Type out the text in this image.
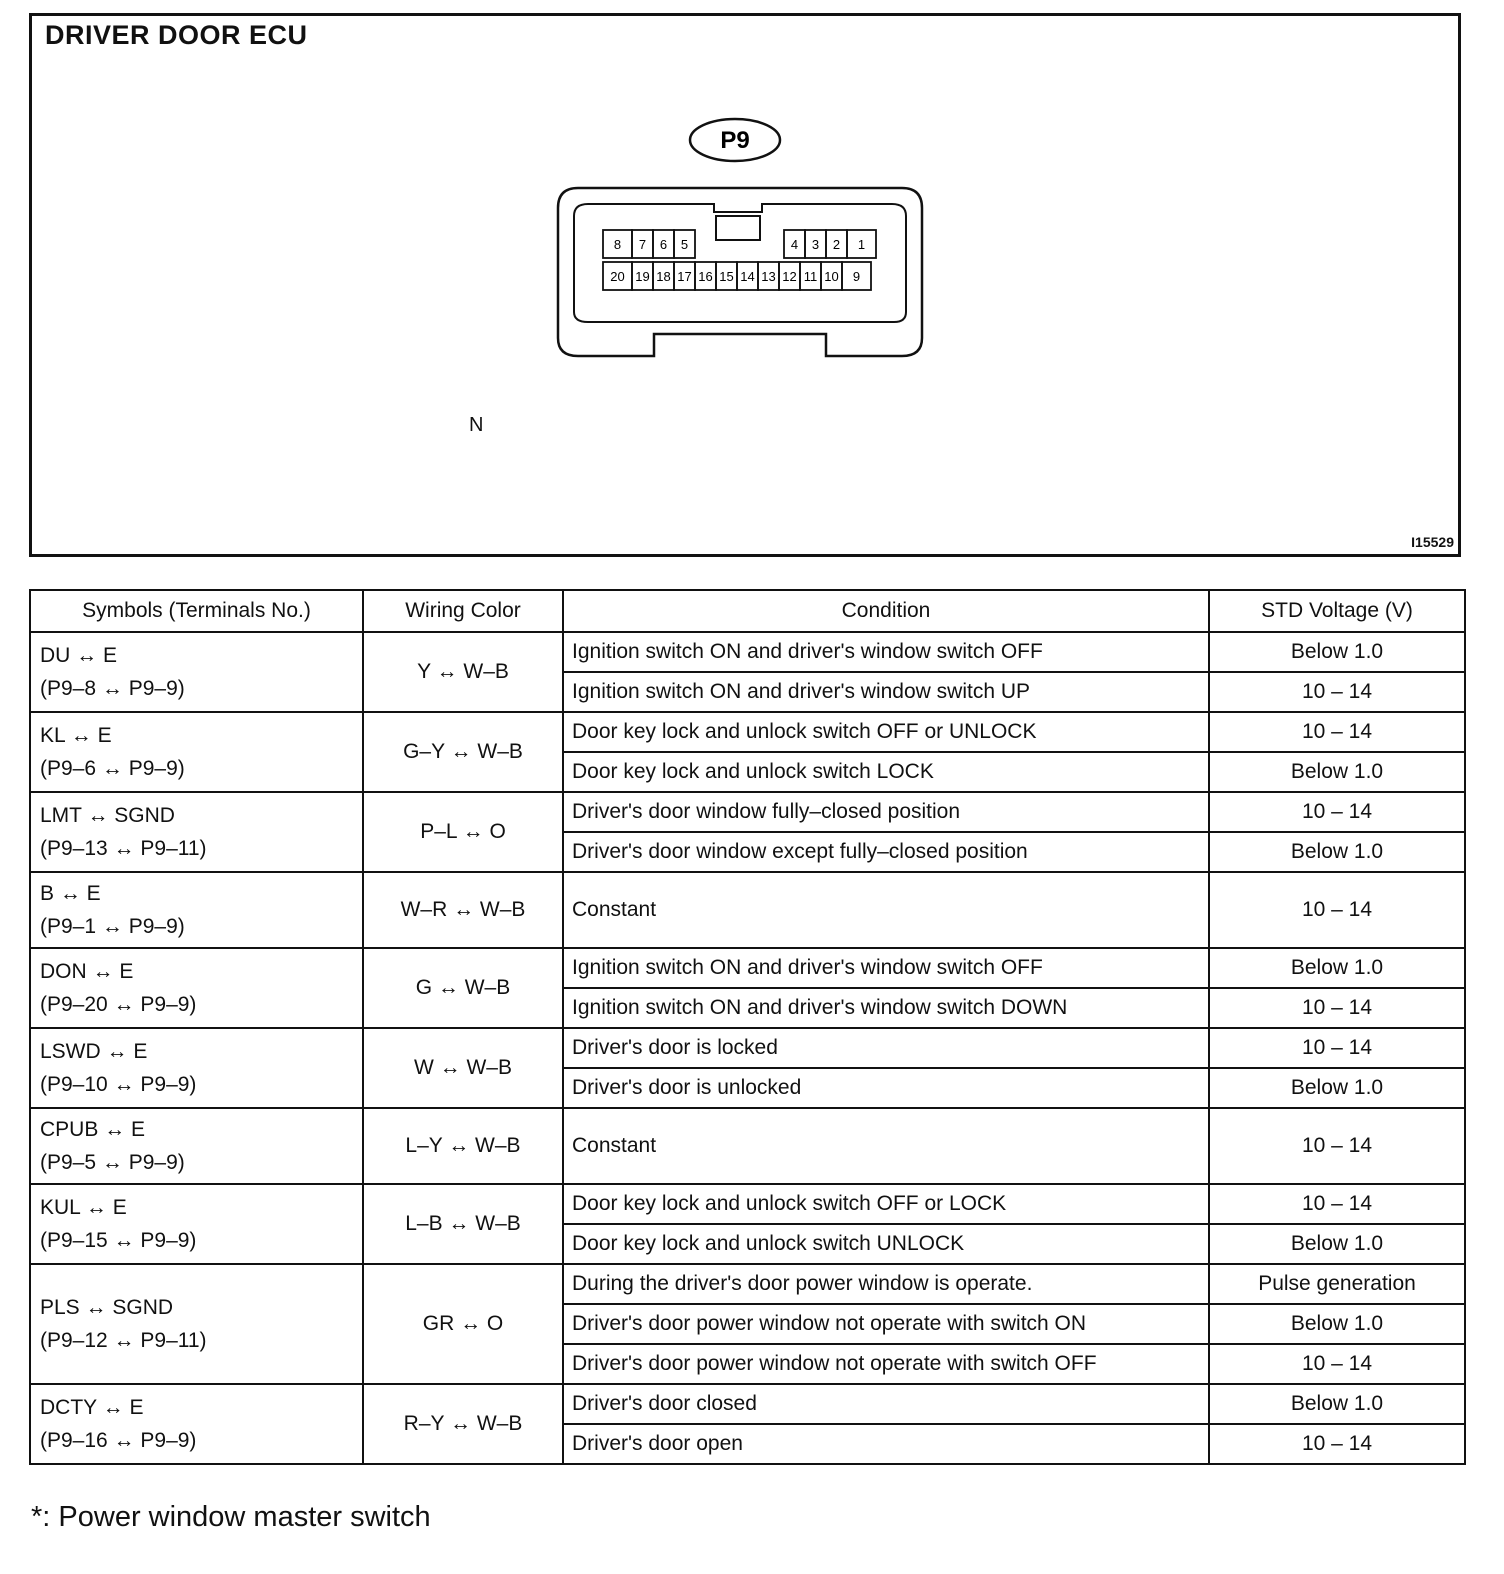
DRIVER DOOR ECU
P9
8 7 6 5	4 3 2 1
20 19 18 17 16 15 14 13 12 11 10 9
N
I15529
Symbols (Terminals No.)	Wiring Color	Condition	STD Voltage (V)

DU ↔ E
(P9–8 ↔ P9–9)	Y ↔ W–B	Ignition switch ON and driver's window switch OFF	Below 1.0
		Ignition switch ON and driver's window switch UP	10 – 14

KL ↔ E
(P9–6 ↔ P9–9)	G–Y ↔ W–B	Door key lock and unlock switch OFF or UNLOCK	10 – 14
		Door key lock and unlock switch LOCK	Below 1.0

LMT ↔ SGND
(P9–13 ↔ P9–11)	P–L ↔ O	Driver's door window fully–closed position	10 – 14
		Driver's door window except fully–closed position	Below 1.0

B ↔ E
(P9–1 ↔ P9–9)	W–R ↔ W–B	Constant	10 – 14

DON ↔ E
(P9–20 ↔ P9–9)	G ↔ W–B	Ignition switch ON and driver's window switch OFF	Below 1.0
		Ignition switch ON and driver's window switch DOWN	10 – 14

LSWD ↔ E
(P9–10 ↔ P9–9)	W ↔ W–B	Driver's door is locked	10 – 14
		Driver's door is unlocked	Below 1.0

CPUB ↔ E
(P9–5 ↔ P9–9)	L–Y ↔ W–B	Constant	10 – 14

KUL ↔ E
(P9–15 ↔ P9–9)	L–B ↔ W–B	Door key lock and unlock switch OFF or LOCK	10 – 14
		Door key lock and unlock switch UNLOCK	Below 1.0

PLS ↔ SGND
(P9–12 ↔ P9–11)	GR ↔ O	During the driver's door power window is operate.	Pulse generation
		Driver's door power window not operate with switch ON	Below 1.0
		Driver's door power window not operate with switch OFF	10 – 14

DCTY ↔ E
(P9–16 ↔ P9–9)	R–Y ↔ W–B	Driver's door closed	Below 1.0
		Driver's door open	10 – 14
*: Power window master switch
